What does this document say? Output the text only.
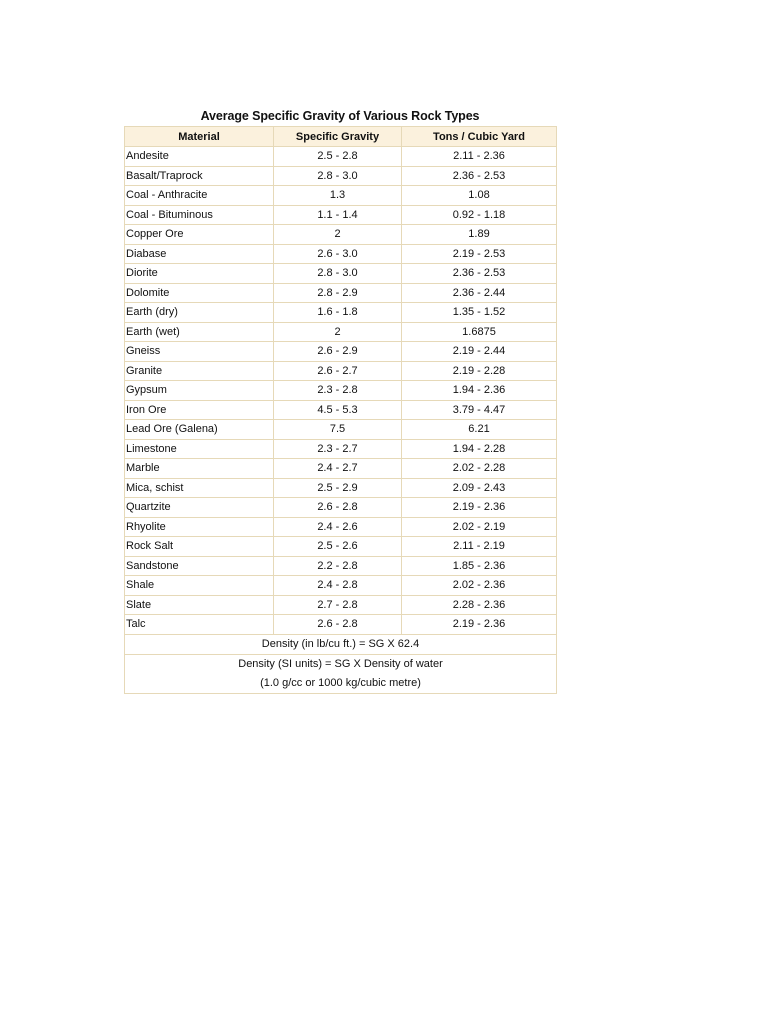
Average Specific Gravity of Various Rock Types
Material	Specific Gravity	Tons / Cubic Yard
Andesite	2.5 - 2.8	2.11 - 2.36
Basalt/Traprock	2.8 - 3.0	2.36 - 2.53
Coal - Anthracite	1.3	1.08
Coal - Bituminous	1.1 - 1.4	0.92 - 1.18
Copper Ore	2	1.89
Diabase	2.6 - 3.0	2.19 - 2.53
Diorite	2.8 - 3.0	2.36 - 2.53
Dolomite	2.8 - 2.9	2.36 - 2.44
Earth (dry)	1.6 - 1.8	1.35 - 1.52
Earth (wet)	2	1.6875
Gneiss	2.6 - 2.9	2.19 - 2.44
Granite	2.6 - 2.7	2.19 - 2.28
Gypsum	2.3 - 2.8	1.94 - 2.36
Iron Ore	4.5 - 5.3	3.79 - 4.47
Lead Ore (Galena)	7.5	6.21
Limestone	2.3 - 2.7	1.94 - 2.28
Marble	2.4 - 2.7	2.02 - 2.28
Mica, schist	2.5 - 2.9	2.09 - 2.43
Quartzite	2.6 - 2.8	2.19 - 2.36
Rhyolite	2.4 - 2.6	2.02 - 2.19
Rock Salt	2.5 - 2.6	2.11 - 2.19
Sandstone	2.2 - 2.8	1.85 - 2.36
Shale	2.4 - 2.8	2.02 - 2.36
Slate	2.7 - 2.8	2.28 - 2.36
Talc	2.6 - 2.8	2.19 - 2.36
Density (in lb/cu ft.) = SG X 62.4		

Density (SI units) = SG X Density of water
(1.0 g/cc or 1000 kg/cubic metre)		
